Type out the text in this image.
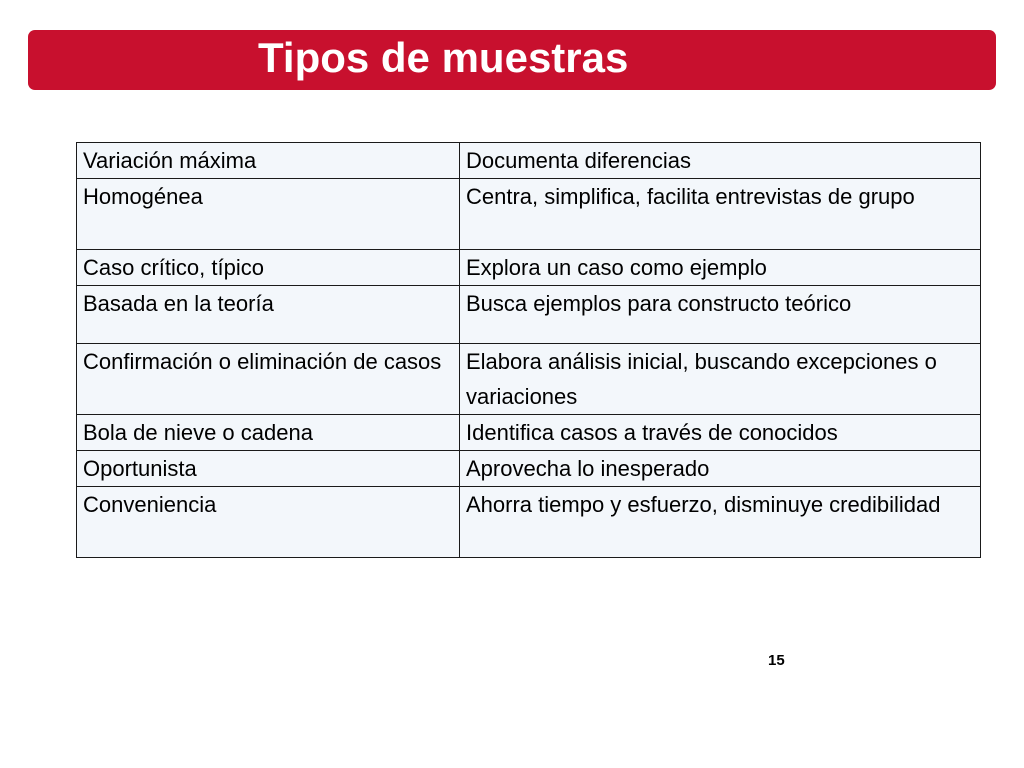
Tipos de muestras
Variación máxima	Documenta diferencias
Homogénea	Centra, simplifica, facilita entrevistas de grupo
Caso crítico, típico	Explora un caso como ejemplo
Basada en la teoría	Busca ejemplos para constructo teórico
Confirmación o eliminación de casos	Elabora análisis inicial, buscando excepciones o variaciones
Bola de nieve o cadena	Identifica casos a través de conocidos
Oportunista	Aprovecha lo inesperado
Conveniencia	Ahorra tiempo y esfuerzo, disminuye credibilidad
15
